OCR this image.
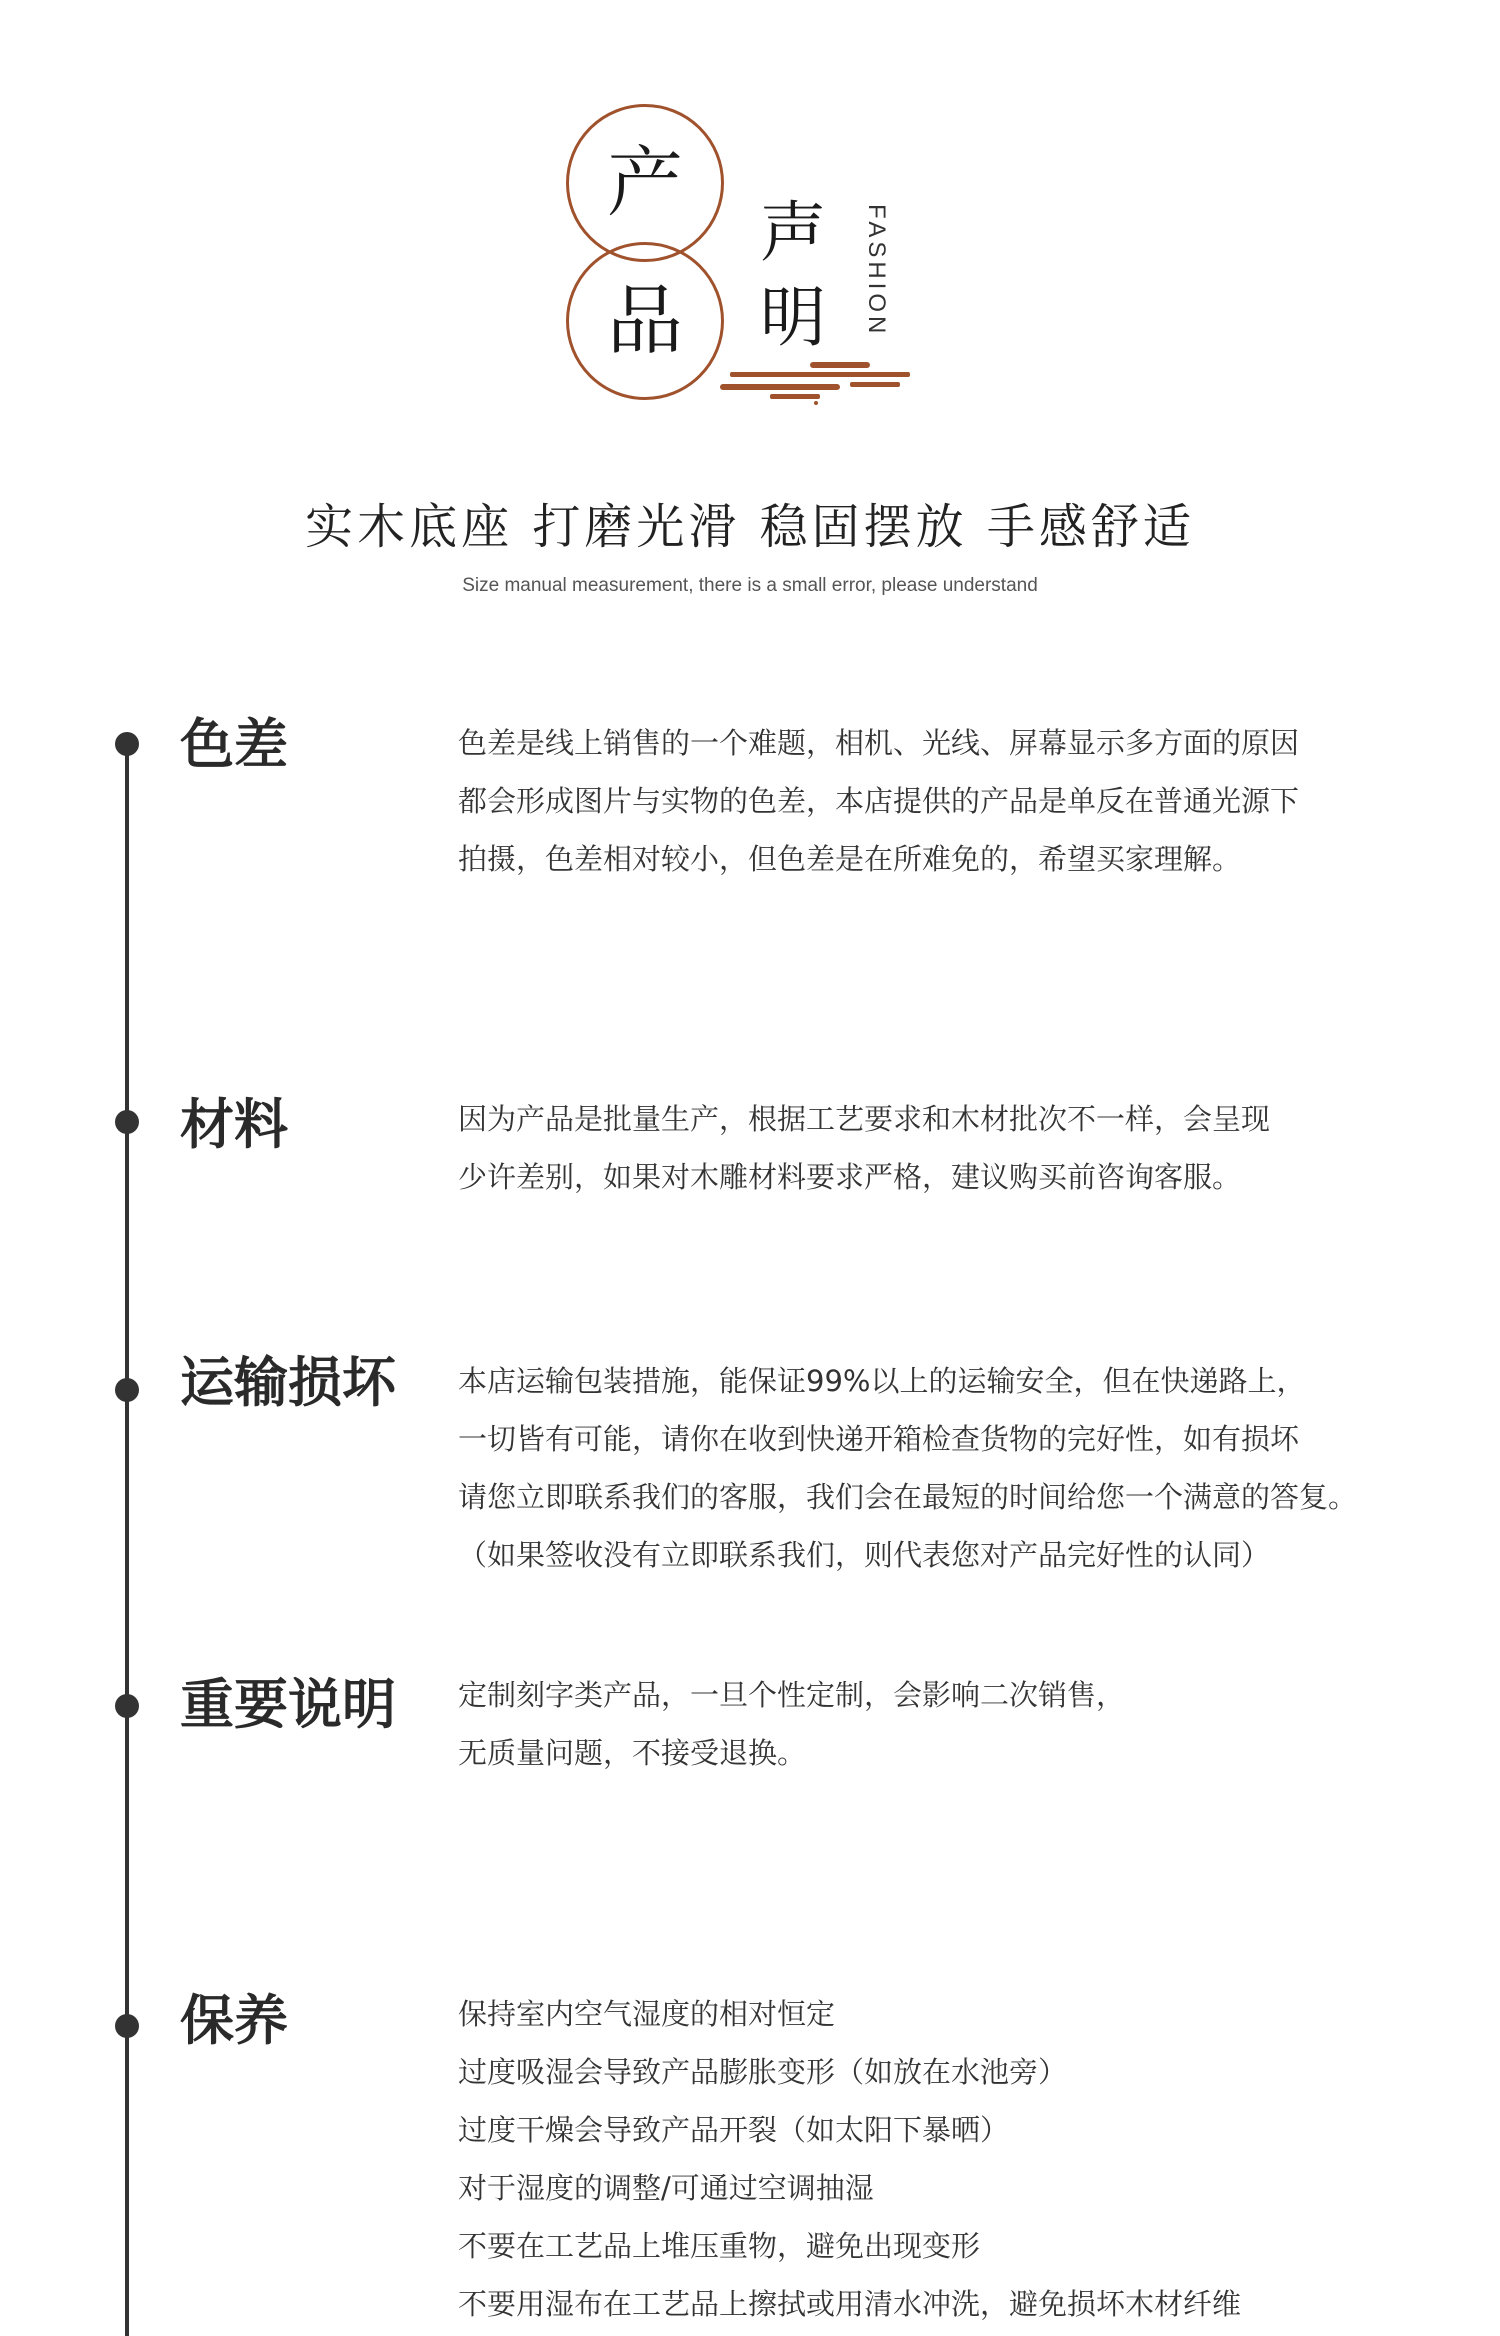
产
品
声
明 FASHION
实木底座 打磨光滑 稳固摆放 手感舒适
Size manual measurement, there is a small error, please understand
色差	色差是线上销售的一个难题，相机、光线、屏幕显示多方面的原因
都会形成图片与实物的色差，本店提供的产品是单反在普通光源下
拍摄，色差相对较小，但色差是在所难免的，希望买家理解。
材料	因为产品是批量生产，根据工艺要求和木材批次不一样，会呈现
少许差别，如果对木雕材料要求严格，建议购买前咨询客服。
运输损坏 本店运输包装措施，能保证99%以上的运输安全，但在快递路上，
一切皆有可能，请你在收到快递开箱检查货物的完好性，如有损坏
请您立即联系我们的客服，我们会在最短的时间给您一个满意的答复。
（如果签收没有立即联系我们，则代表您对产品完好性的认同）
重要说明 定制刻字类产品，一旦个性定制，会影响二次销售，
无质量问题，不接受退换。
保养	保持室内空气湿度的相对恒定
过度吸湿会导致产品膨胀变形（如放在水池旁）
过度干燥会导致产品开裂（如太阳下暴晒）
对于湿度的调整/可通过空调抽湿
不要在工艺品上堆压重物，避免出现变形
不要用湿布在工艺品上擦拭或用清水冲洗，避免损坏木材纤维
